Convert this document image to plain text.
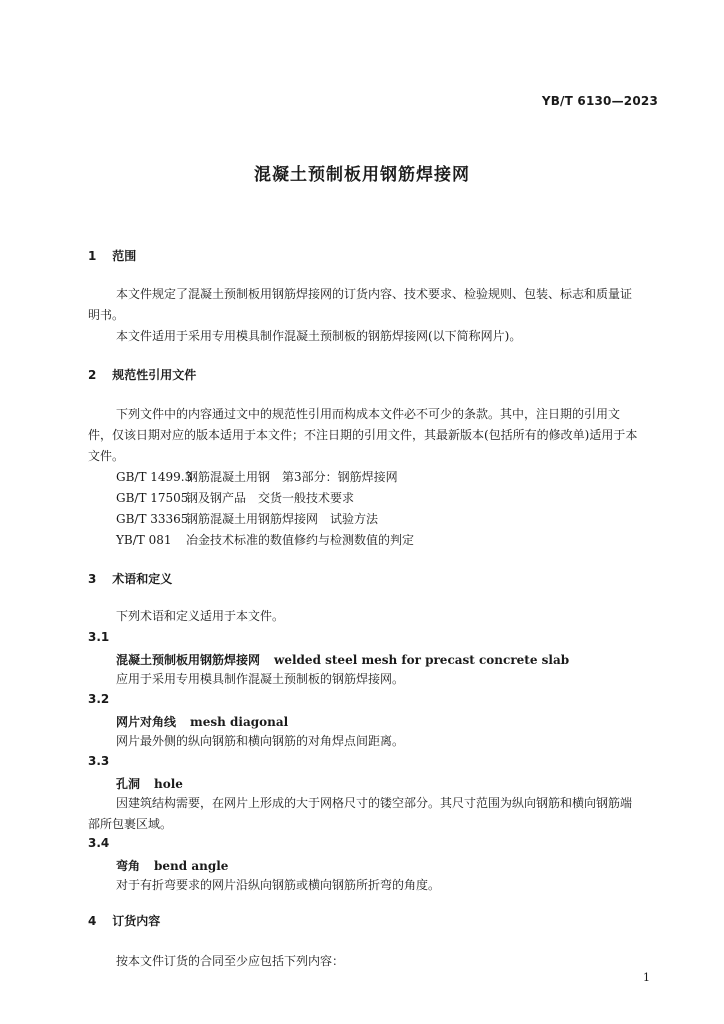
YB/T 6130—2023
混凝土预制板用钢筋焊接网
1 范围
本文件规定了混凝土预制板用钢筋焊接网的订货内容、技术要求、检验规则、包装、标志和质量证
明书。
本文件适用于采用专用模具制作混凝土预制板的钢筋焊接网(以下简称网片)。
2 规范性引用文件
下列文件中的内容通过文中的规范性引用而构成本文件必不可少的条款。其中，注日期的引用文
件，仅该日期对应的版本适用于本文件；不注日期的引用文件，其最新版本(包括所有的修改单)适用于本
文件。
GB/T 1499.3钢筋混凝土用钢　第3部分：钢筋焊接网
GB/T 17505钢及钢产品　交货一般技术要求
GB/T 33365钢筋混凝土用钢筋焊接网　试验方法
YB/T 081 冶金技术标准的数值修约与检测数值的判定
3 术语和定义
下列术语和定义适用于本文件。
3.1
混凝土预制板用钢筋焊接网 welded steel mesh for precast concrete slab
应用于采用专用模具制作混凝土预制板的钢筋焊接网。
3.2
网片对角线 mesh diagonal
网片最外侧的纵向钢筋和横向钢筋的对角焊点间距离。
3.3
孔洞 hole
因建筑结构需要，在网片上形成的大于网格尺寸的镂空部分。其尺寸范围为纵向钢筋和横向钢筋端
部所包裹区域。
3.4
弯角 bend angle
对于有折弯要求的网片沿纵向钢筋或横向钢筋所折弯的角度。
4 订货内容
按本文件订货的合同至少应包括下列内容：
1
